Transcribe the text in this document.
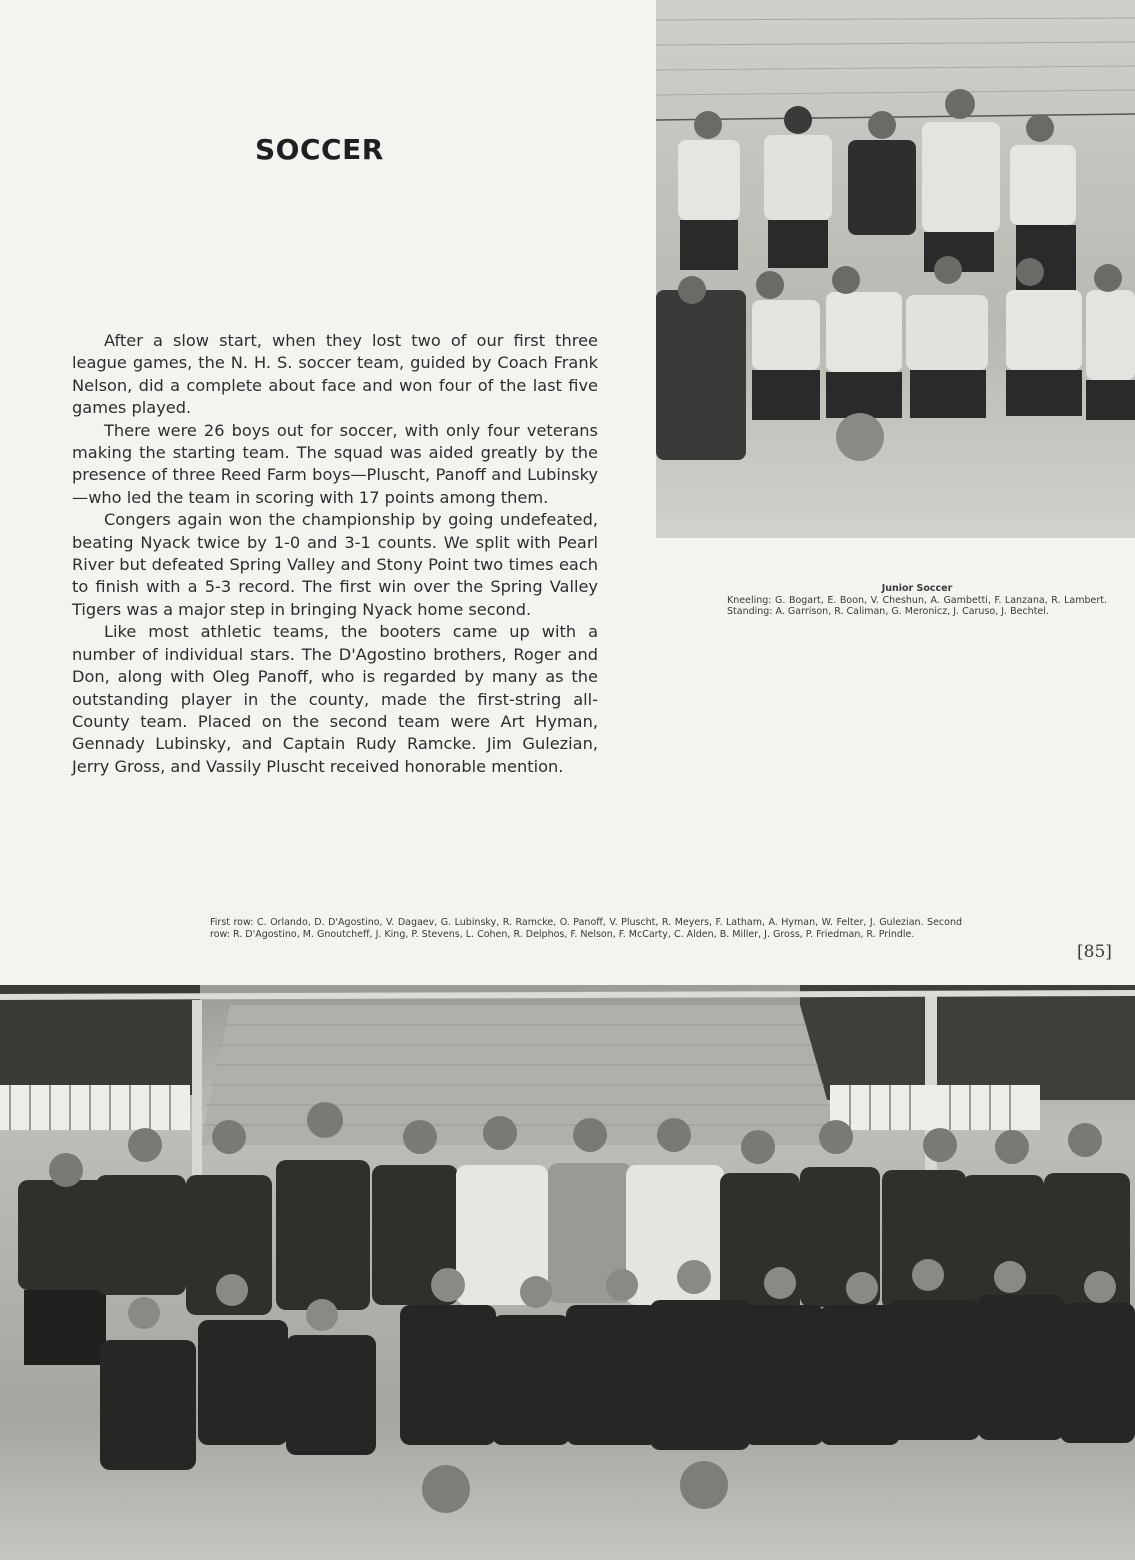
SOCCER

After a slow start, when they lost two of our first three league games, the N. H. S. soccer team, guided by Coach Frank Nelson, did a complete about face and won four of the last five games played.

There were 26 boys out for soccer, with only four veterans making the starting team. The squad was aided greatly by the presence of three Reed Farm boys—Pluscht, Panoff and Lubinsky—who led the team in scoring with 17 points among them.

Congers again won the championship by going undefeated, beating Nyack twice by 1-0 and 3-1 counts. We split with Pearl River but defeated Spring Valley and Stony Point two times each to finish with a 5-3 record. The first win over the Spring Valley Tigers was a major step in bringing Nyack home second.

Like most athletic teams, the booters came up with a number of individual stars. The D'Agostino brothers, Roger and Don, along with Oleg Panoff, who is regarded by many as the outstanding player in the county, made the first-string all-County team. Placed on the second team were Art Hyman, Gennady Lubinsky, and Captain Rudy Ramcke. Jim Gulezian, Jerry Gross, and Vassily Pluscht received honorable mention.

Junior Soccer
Kneeling: G. Bogart, E. Boon, V. Cheshun, A. Gambetti, F. Lanzana, R. Lambert. Standing: A. Garrison, R. Caliman, G. Meronicz, J. Caruso, J. Bechtel.
First row: C. Orlando, D. D'Agostino, V. Dagaev, G. Lubinsky, R. Ramcke, O. Panoff, V. Pluscht, R. Meyers, F. Latham, A. Hyman, W. Felter, J. Gulezian. Second row: R. D'Agostino, M. Gnoutcheff, J. King, P. Stevens, L. Cohen, R. Delphos, F. Nelson, F. McCarty, C. Alden, B. Miller, J. Gross, P. Friedman, R. Prindle.
[85]
